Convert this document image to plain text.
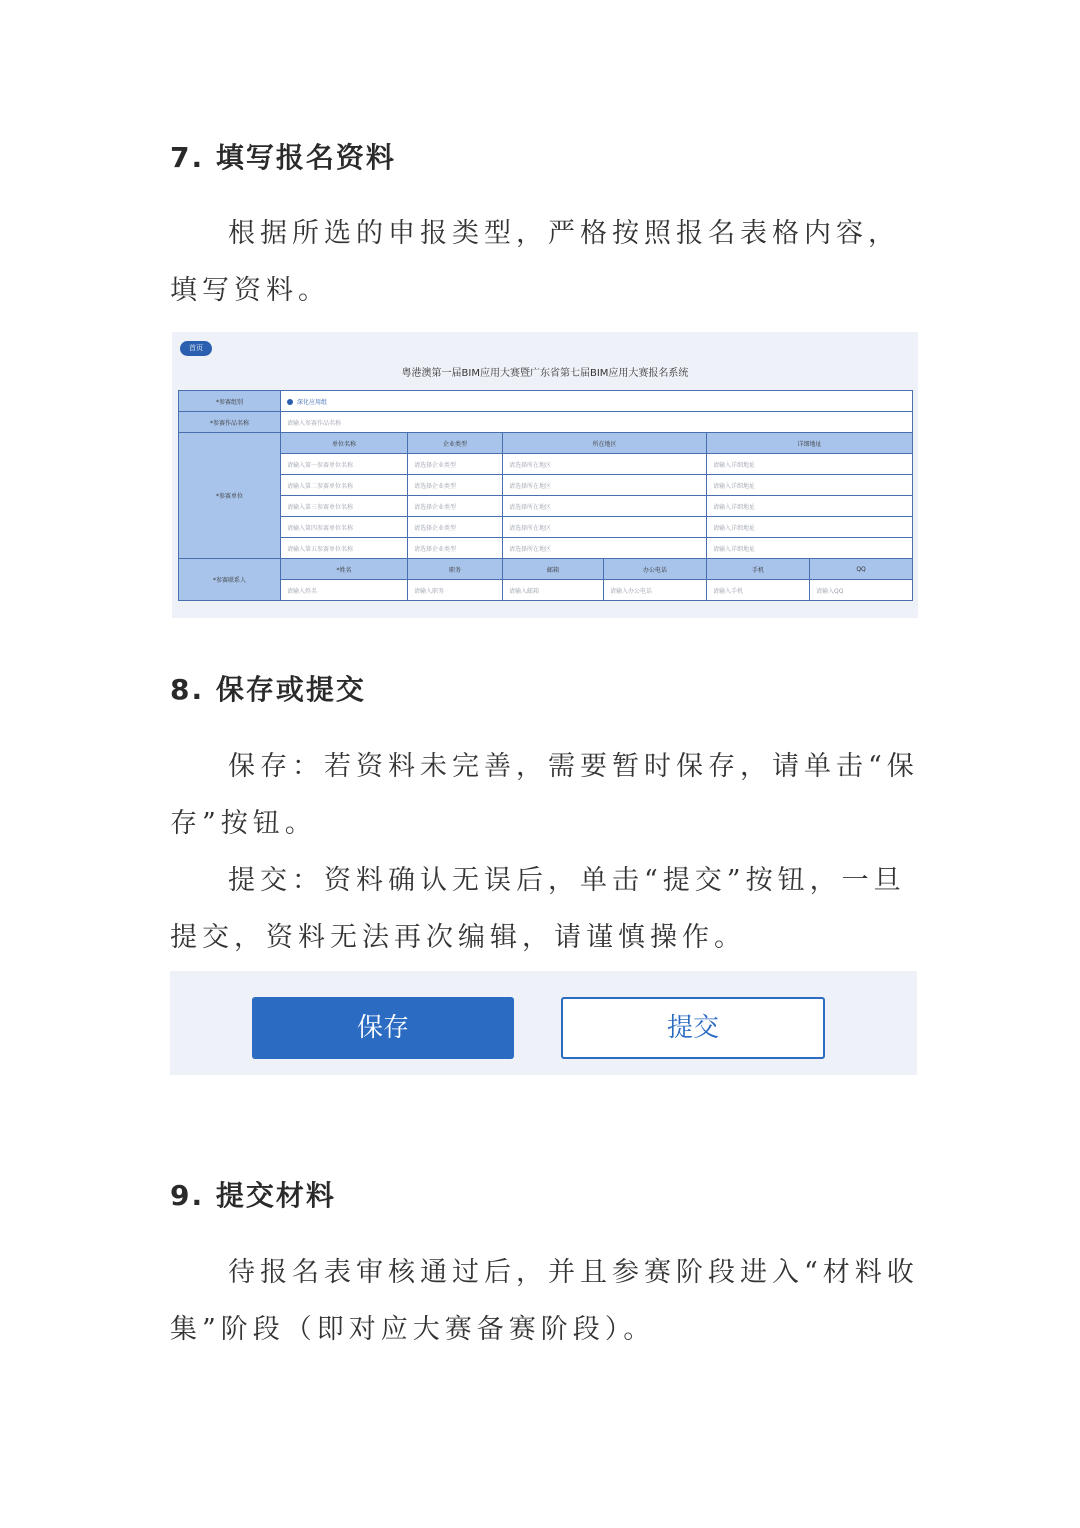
7. 填写报名资料

根据所选的申报类型，严格按照报名表格内容，填写资料。

首页
粤港澳第一届BIM应用大赛暨广东省第七届BIM应用大赛报名系统
*参赛组别	深化应用组					
*参赛作品名称	请输入参赛作品名称					
*参赛单位	单位名称	企业类型	所在地区		详细地址	
	请输入第一参赛单位名称	请选择企业类型	请选择所在地区		请输入详细地址	
	请输入第二参赛单位名称	请选择企业类型	请选择所在地区		请输入详细地址	
	请输入第三参赛单位名称	请选择企业类型	请选择所在地区		请输入详细地址	
	请输入第四参赛单位名称	请选择企业类型	请选择所在地区		请输入详细地址	
	请输入第五参赛单位名称	请选择企业类型	请选择所在地区		请输入详细地址	
*参赛联系人	*姓名	职务	邮箱	办公电话	手机	QQ
	请输入姓名	请输入职务	请输入邮箱	请输入办公电话	请输入手机	请输入QQ
8. 保存或提交

保存：若资料未完善，需要暂时保存，请单击“保存”按钮。

提交：资料确认无误后，单击“提交”按钮，一旦提交，资料无法再次编辑，请谨慎操作。

保存	提交
9. 提交材料

待报名表审核通过后，并且参赛阶段进入“材料收集”阶段（即对应大赛备赛阶段）。
